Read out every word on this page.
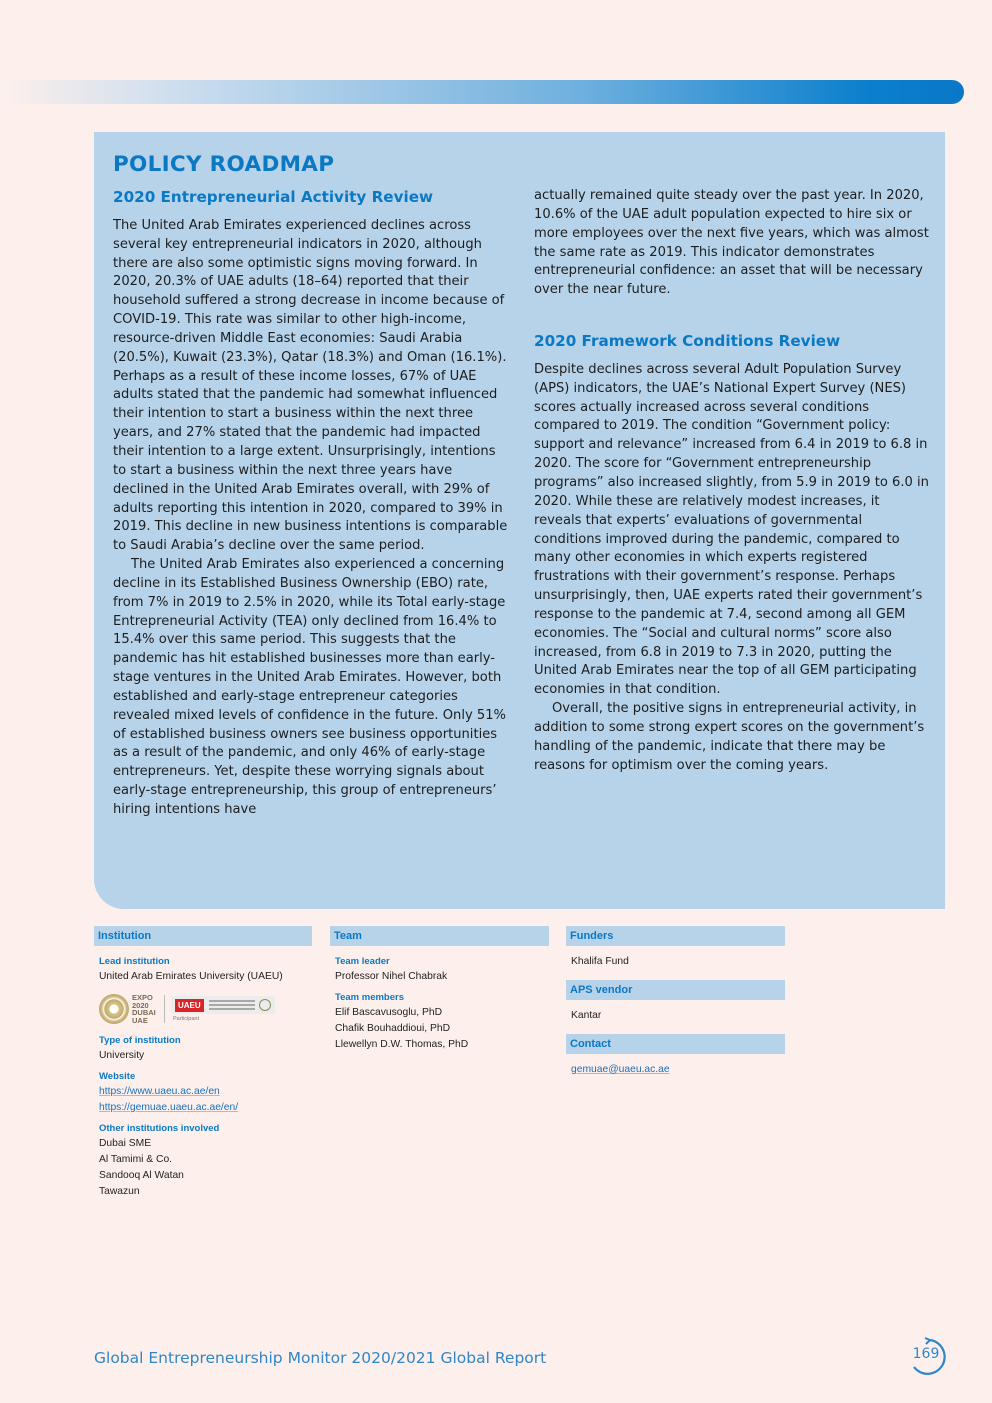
POLICY ROADMAP
2020 Entrepreneurial Activity Review

The United Arab Emirates experienced declines across several key entrepreneurial indicators in 2020, although there are also some optimistic signs moving forward. In 2020, 20.3% of UAE adults (18–64) reported that their household suffered a strong decrease in income because of COVID-19. This rate was similar to other high-income, resource-driven Middle East economies: Saudi Arabia (20.5%), Kuwait (23.3%), Qatar (18.3%) and Oman (16.1%). Perhaps as a result of these income losses, 67% of UAE adults stated that the pandemic had somewhat influenced their intention to start a business within the next three years, and 27% stated that the pandemic had impacted their intention to a large extent. Unsurprisingly, intentions to start a business within the next three years have declined in the United Arab Emirates overall, with 29% of adults reporting this intention in 2020, compared to 39% in 2019. This decline in new business intentions is comparable to Saudi Arabia’s decline over the same period.

The United Arab Emirates also experienced a concerning decline in its Established Business Ownership (EBO) rate, from 7% in 2019 to 2.5% in 2020, while its Total early-stage Entrepreneurial Activity (TEA) only declined from 16.4% to 15.4% over this same period. This suggests that the pandemic has hit established businesses more than early-stage ventures in the United Arab Emirates. However, both established and early-stage entrepreneur categories revealed mixed levels of confidence in the future. Only 51% of established business owners see business opportunities as a result of the pandemic, and only 46% of early-stage entrepreneurs. Yet, despite these worrying signals about early-stage entrepreneurship, this group of entrepreneurs’ hiring intentions have

actually remained quite steady over the past year. In 2020, 10.6% of the UAE adult population expected to hire six or more employees over the next five years, which was almost the same rate as 2019. This indicator demonstrates entrepreneurial confidence: an asset that will be necessary over the near future.

2020 Framework Conditions Review

Despite declines across several Adult Population Survey (APS) indicators, the UAE’s National Expert Survey (NES) scores actually increased across several conditions compared to 2019. The condition “Government policy: support and relevance” increased from 6.4 in 2019 to 6.8 in 2020. The score for “Government entrepreneurship programs” also increased slightly, from 5.9 in 2019 to 6.0 in 2020. While these are relatively modest increases, it reveals that experts’ evaluations of governmental conditions improved during the pandemic, compared to many other economies in which experts registered frustrations with their government’s response. Perhaps unsurprisingly, then, UAE experts rated their government’s response to the pandemic at 7.4, second among all GEM economies. The “Social and cultural norms” score also increased, from 6.8 in 2019 to 7.3 in 2020, putting the United Arab Emirates near the top of all GEM participating economies in that condition.

Overall, the positive signs in entrepreneurial activity, in addition to some strong expert scores on the government’s handling of the pandemic, indicate that there may be reasons for optimism over the coming years.

Institution
Lead institution
United Arab Emirates University (UAEU)
EXPO 2020 DUBAI UAE
UAEU
Participant
Type of institution
University
Website
https://www.uaeu.ac.ae/en
https://gemuae.uaeu.ac.ae/en/
Other institutions involved
Dubai SME
Al Tamimi & Co.
Sandooq Al Watan
Tawazun
Team
Team leader
Professor Nihel Chabrak
Team members
Elif Bascavusoglu, PhD
Chafik Bouhaddioui, PhD
Llewellyn D.W. Thomas, PhD
Funders
Khalifa Fund
APS vendor
Kantar
Contact
gemuae@uaeu.ac.ae
Global Entrepreneurship Monitor 2020/2021 Global Report	169
